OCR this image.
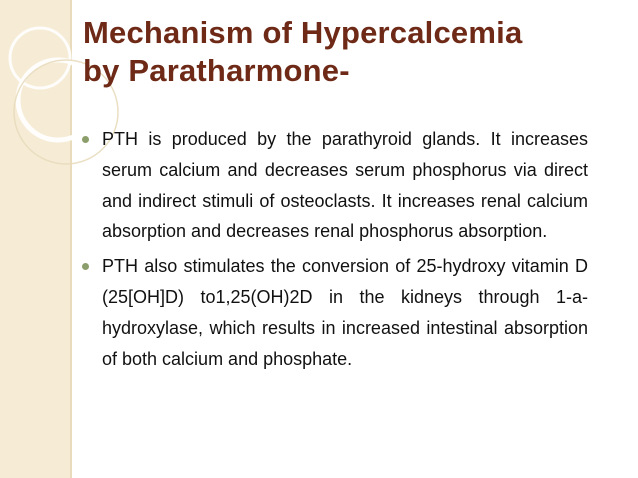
Mechanism of Hypercalcemia
by Paratharmone-
PTH is produced by the parathyroid glands. It increases serum calcium and decreases serum phosphorus via direct and indirect stimuli of osteoclasts. It increases renal calcium absorption and decreases renal phosphorus absorption.
PTH also stimulates the conversion of 25-hydroxy vitamin D (25[OH]D) to1,25(OH)2D in the kidneys through 1-a-hydroxylase, which results in increased intestinal absorption of both calcium and phosphate.
